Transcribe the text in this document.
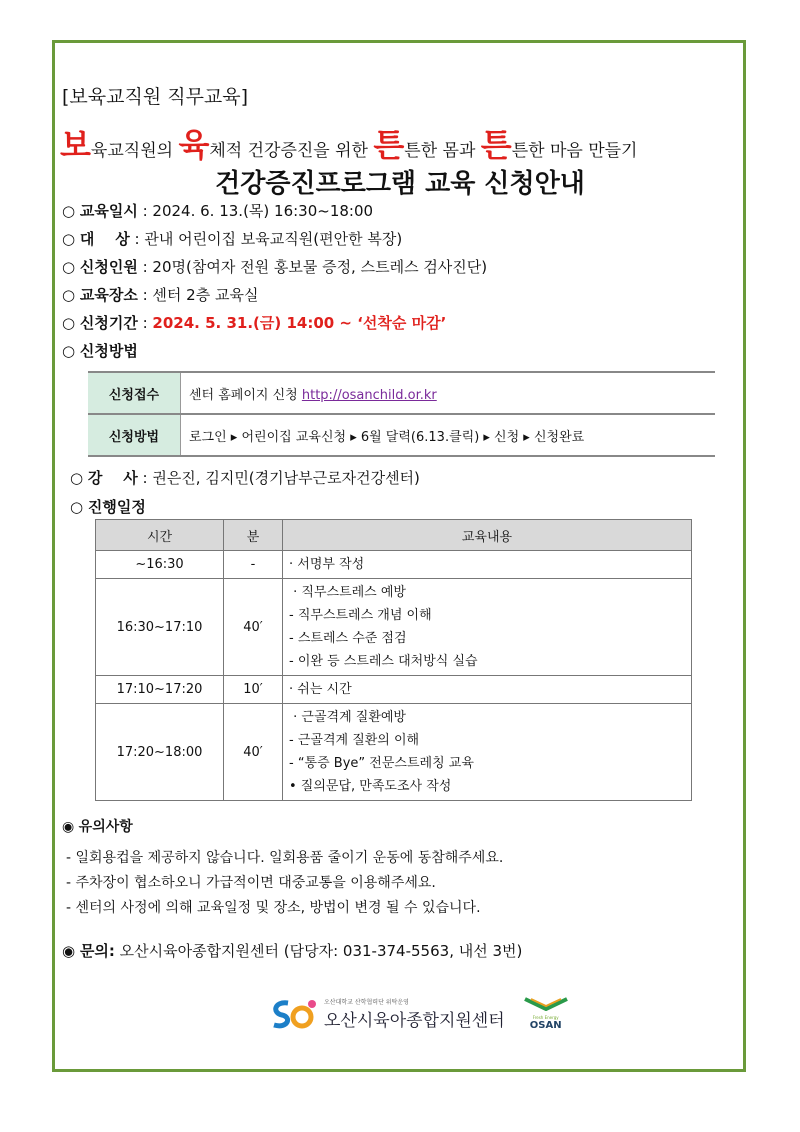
[보육교직원 직무교육]
보육교직원의 육체적 건강증진을 위한 튼튼한 몸과 튼튼한 마음 만들기
건강증진프로그램 교육 신청안내
○ 교육일시 : 2024. 6. 13.(목) 16:30~18:00
○ 대    상 : 관내 어린이집 보육교직원(편안한 복장)
○ 신청인원 : 20명(참여자 전원 홍보물 증정, 스트레스 검사진단)
○ 교육장소 : 센터 2층 교육실
○ 신청기간 : 2024. 5. 31.(금) 14:00 ~ ‘선착순 마감’
○ 신청방법
신청접수	센터 홈페이지 신청 http://osanchild.or.kr
신청방법	로그인 ▸ 어린이집 교육신청 ▸ 6월 달력(6.13.클릭) ▸ 신청 ▸ 신청완료
○ 강    사 : 권은진, 김지민(경기남부근로자건강센터)
○ 진행일정
시간	분	교육내용
~16:30	-	· 서명부 작성

16:30~17:10	40′	· 직무스트레스 예방
- 직무스트레스 개념 이해
- 스트레스 수준 점검
- 이완 등 스트레스 대처방식 실습

17:10~17:20	10′	· 쉬는 시간

17:20~18:00	40′	· 근골격계 질환예방
- 근골격계 질환의 이해
- “통증 Bye” 전문스트레칭 교육
• 질의문답, 만족도조사 작성
◉ 유의사항
- 일회용컵을 제공하지 않습니다. 일회용품 줄이기 운동에 동참해주세요.
- 주차장이 협소하오니 가급적이면 대중교통을 이용해주세요.
- 센터의 사정에 의해 교육일정 및 장소, 방법이 변경 될 수 있습니다.
◉ 문의: 오산시육아종합지원센터 (담당자: 031-374-5563, 내선 3번)
오산대학교 산학협력단 위탁운영
오산시육아종합지원센터	Fresh Energy
OSAN
